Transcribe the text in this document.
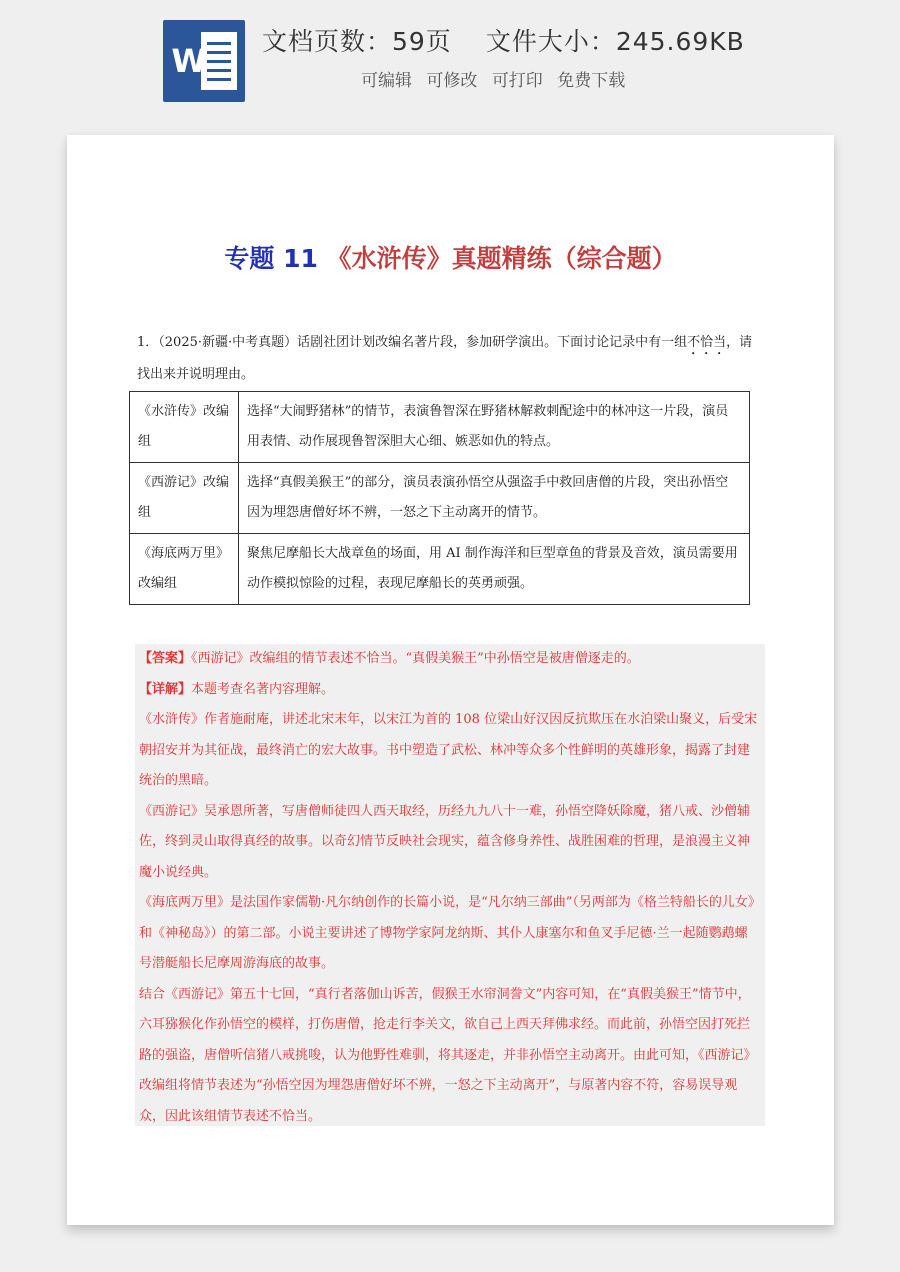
W
文档页数：59页 文件大小：245.69KB
可编辑 可修改 可打印 免费下载
专题 11 《水浒传》真题精练（综合题）
1．（2025·新疆·中考真题）话剧社团计划改编名著片段，参加研学演出。下面讨论记录中有一组不恰当，请找出来并说明理由。
《水浒传》改编组	选择“大闹野猪林”的情节，表演鲁智深在野猪林解救刺配途中的林冲这一片段，演员用表情、动作展现鲁智深胆大心细、嫉恶如仇的特点。
《西游记》改编组	选择“真假美猴王”的部分，演员表演孙悟空从强盗手中救回唐僧的片段，突出孙悟空因为埋怨唐僧好坏不辨，一怒之下主动离开的情节。
《海底两万里》改编组	聚焦尼摩船长大战章鱼的场面，用 AI 制作海洋和巨型章鱼的背景及音效，演员需要用动作模拟惊险的过程，表现尼摩船长的英勇顽强。

【答案】《西游记》改编组的情节表述不恰当。“真假美猴王”中孙悟空是被唐僧逐走的。

【详解】本题考查名著内容理解。

《水浒传》作者施耐庵，讲述北宋末年，以宋江为首的 108 位梁山好汉因反抗欺压在水泊梁山聚义，后受宋朝招安并为其征战，最终消亡的宏大故事。书中塑造了武松、林冲等众多个性鲜明的英雄形象，揭露了封建统治的黑暗。

《西游记》吴承恩所著，写唐僧师徒四人西天取经，历经九九八十一难，孙悟空降妖除魔，猪八戒、沙僧辅佐，终到灵山取得真经的故事。以奇幻情节反映社会现实，蕴含修身养性、战胜困难的哲理，是浪漫主义神魔小说经典。

《海底两万里》是法国作家儒勒·凡尔纳创作的长篇小说，是“凡尔纳三部曲”（另两部为《格兰特船长的儿女》和《神秘岛》）的第二部。小说主要讲述了博物学家阿龙纳斯、其仆人康塞尔和鱼叉手尼德·兰一起随鹦鹉螺号潜艇船长尼摩周游海底的故事。

结合《西游记》第五十七回，“真行者落伽山诉苦，假猴王水帘洞誊文”内容可知，在“真假美猴王”情节中，六耳猕猴化作孙悟空的模样，打伤唐僧，抢走行李关文，欲自己上西天拜佛求经。而此前，孙悟空因打死拦路的强盗，唐僧听信猪八戒挑唆，认为他野性难驯，将其逐走，并非孙悟空主动离开。由此可知，《西游记》改编组将情节表述为“孙悟空因为埋怨唐僧好坏不辨，一怒之下主动离开”，与原著内容不符，容易误导观众，因此该组情节表述不恰当。
